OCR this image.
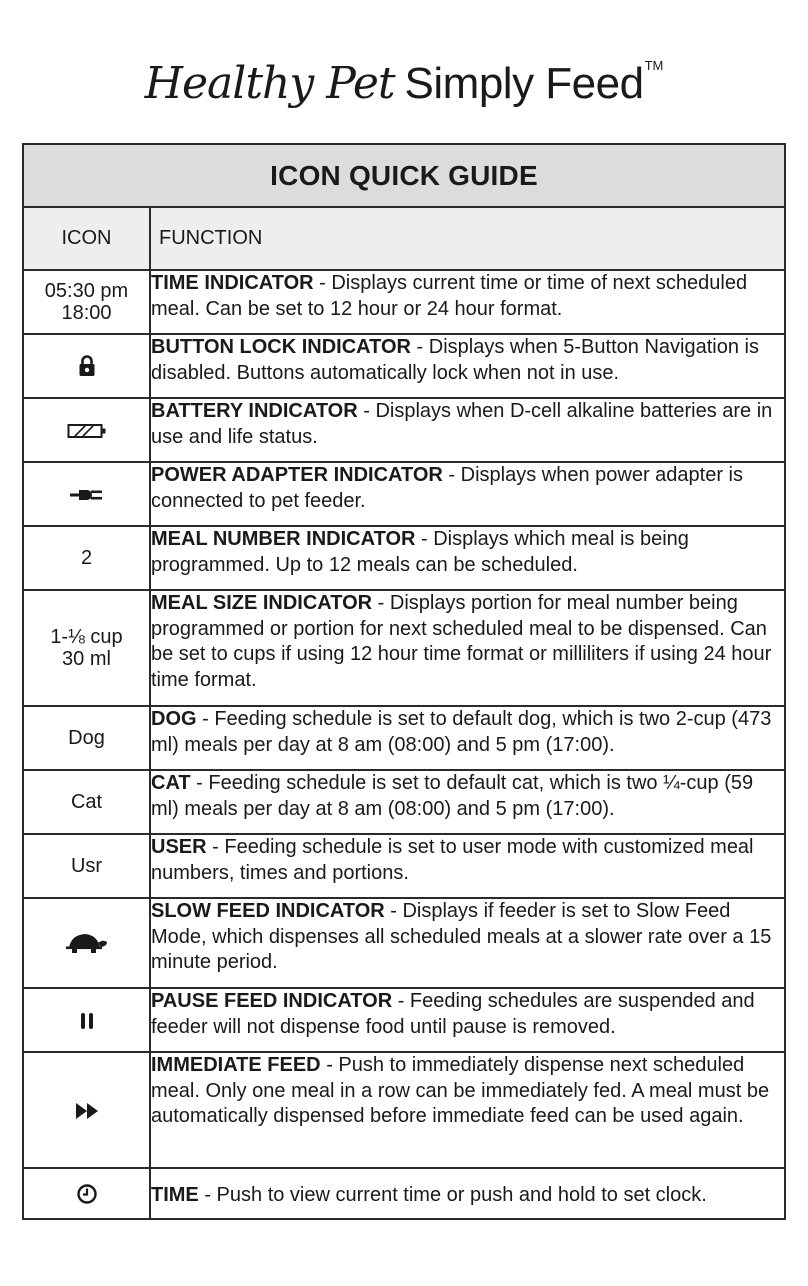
Healthy Pet Simply Feed™
ICON QUICK GUIDE	
ICON	FUNCTION

05:30 pm
18:00	TIME INDICATOR - Displays current time or time of next scheduled meal. Can be set to 12 hour or 24 hour format.
	BUTTON LOCK INDICATOR - Displays when 5-Button Navigation is disabled. Buttons automatically lock when not in use.
	BATTERY INDICATOR - Displays when D-cell alkaline batteries are in use and life status.
	POWER ADAPTER INDICATOR - Displays when power adapter is connected to pet feeder.
2	MEAL NUMBER INDICATOR - Displays which meal is being programmed. Up to 12 meals can be scheduled.

1-⅛ cup
30 ml	MEAL SIZE INDICATOR - Displays portion for meal number being programmed or portion for next scheduled meal to be dispensed. Can be set to cups if using 12 hour time format or milliliters if using 24 hour time format.
Dog	DOG - Feeding schedule is set to default dog, which is two 2-cup (473 ml) meals per day at 8 am (08:00) and 5 pm (17:00).
Cat	CAT - Feeding schedule is set to default cat, which is two ¼-cup (59 ml) meals per day at 8 am (08:00) and 5 pm (17:00).
Usr	USER - Feeding schedule is set to user mode with customized meal numbers, times and portions.
	SLOW FEED INDICATOR - Displays if feeder is set to Slow Feed Mode, which dispenses all scheduled meals at a slower rate over a 15 minute period.
	PAUSE FEED INDICATOR - Feeding schedules are suspended and feeder will not dispense food until pause is removed.
	IMMEDIATE FEED - Push to immediately dispense next scheduled meal. Only one meal in a row can be immediately fed. A meal must be automatically dispensed before immediate feed can be used again.
	TIME - Push to view current time or push and hold to set clock.
